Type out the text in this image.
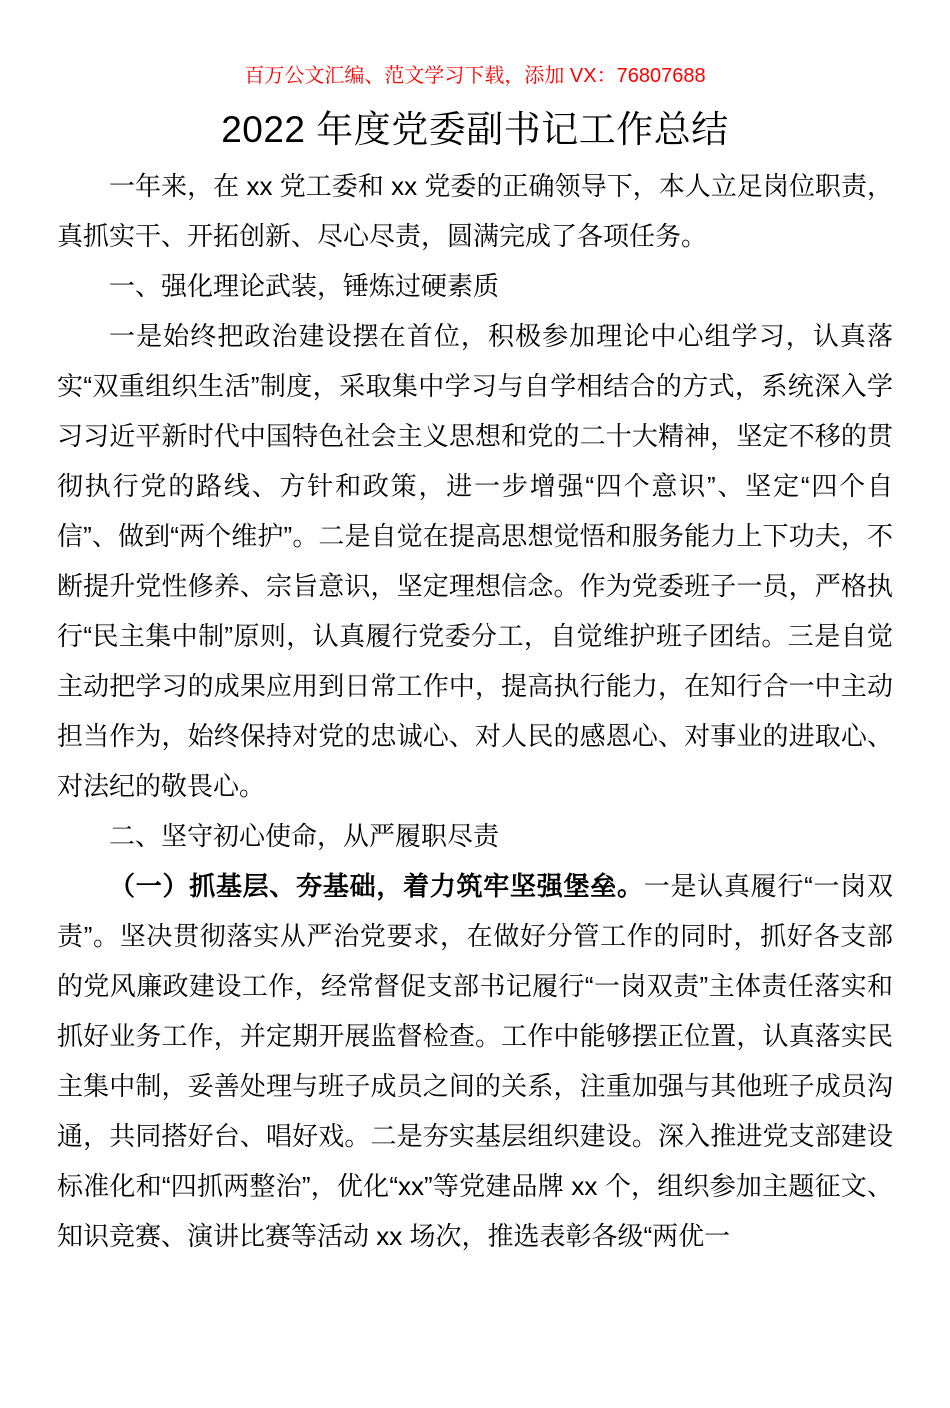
百万公文汇编、范文学习下载，添加 VX：76807688
2022 年度党委副书记工作总结

一年来，在 xx 党工委和 xx 党委的正确领导下，本人立足岗位职责，真抓实干、开拓创新、尽心尽责，圆满完成了各项任务。

一、强化理论武装，锤炼过硬素质

一是始终把政治建设摆在首位，积极参加理论中心组学习，认真落实“双重组织生活”制度，采取集中学习与自学相结合的方式，系统深入学习习近平新时代中国特色社会主义思想和党的二十大精神，坚定不移的贯彻执行党的路线、方针和政策，进一步增强“四个意识”、坚定“四个自信”、做到“两个维护”。二是自觉在提高思想觉悟和服务能力上下功夫，不断提升党性修养、宗旨意识，坚定理想信念。作为党委班子一员，严格执行“民主集中制”原则，认真履行党委分工，自觉维护班子团结。三是自觉主动把学习的成果应用到日常工作中，提高执行能力，在知行合一中主动担当作为，始终保持对党的忠诚心、对人民的感恩心、对事业的进取心、对法纪的敬畏心。

二、坚守初心使命，从严履职尽责

（一）抓基层、夯基础，着力筑牢坚强堡垒。一是认真履行“一岗双责”。坚决贯彻落实从严治党要求，在做好分管工作的同时，抓好各支部的党风廉政建设工作，经常督促支部书记履行“一岗双责”主体责任落实和抓好业务工作，并定期开展监督检查。工作中能够摆正位置，认真落实民主集中制，妥善处理与班子成员之间的关系，注重加强与其他班子成员沟通，共同搭好台、唱好戏。二是夯实基层组织建设。深入推进党支部建设标准化和“四抓两整治”，优化“xx”等党建品牌 xx 个，组织参加主题征文、知识竞赛、演讲比赛等活动 xx 场次，推选表彰各级“两优一
